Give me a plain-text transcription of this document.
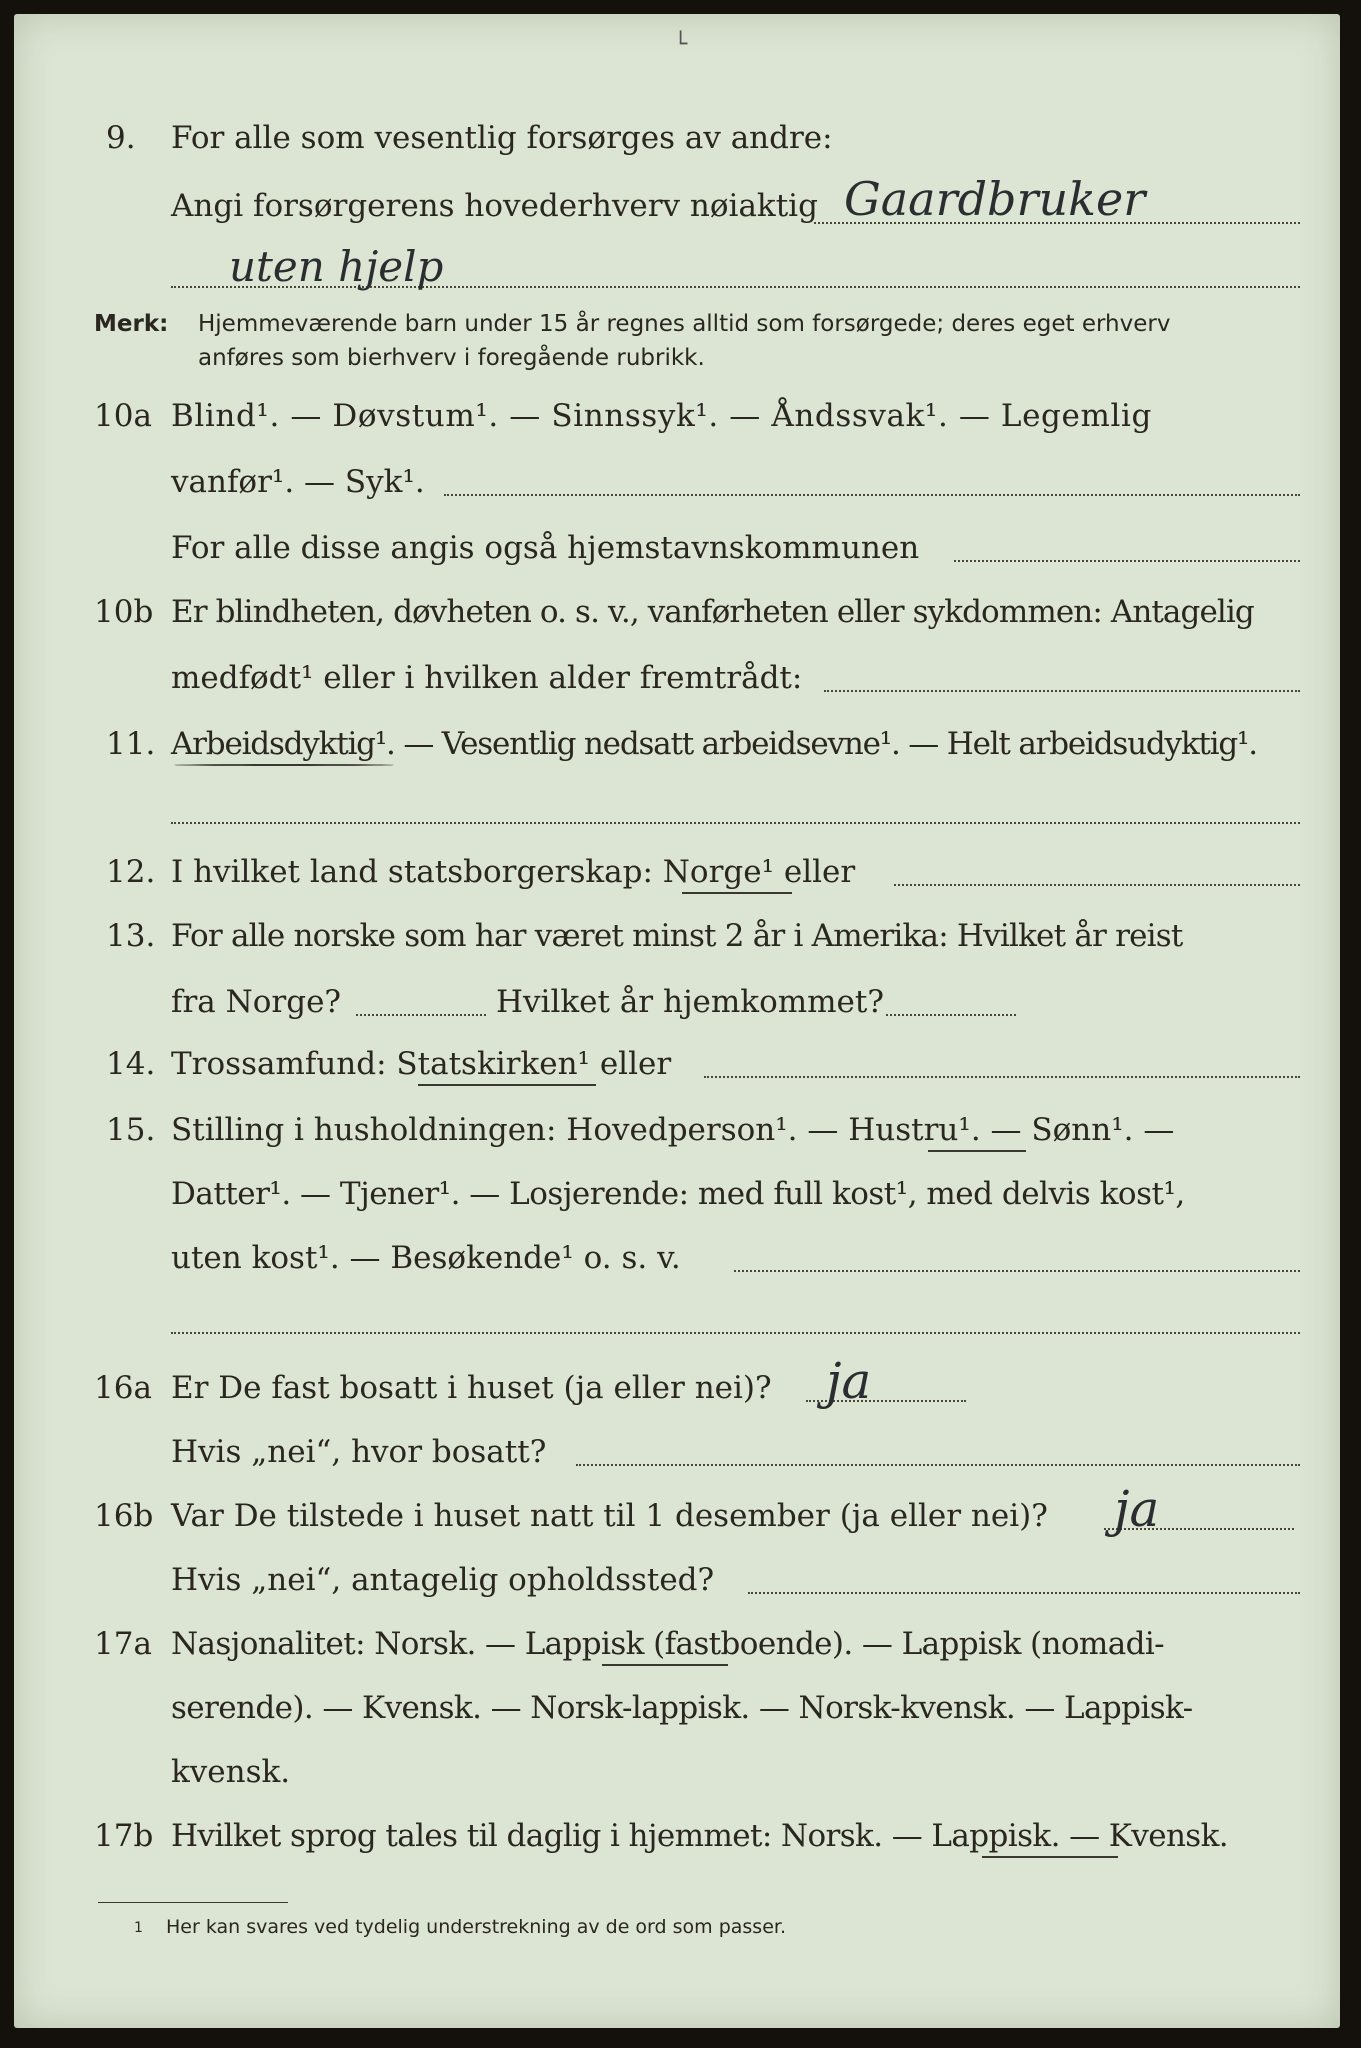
└
9. For alle som vesentlig forsørges av andre:
Angi forsørgerens hovederhverv nøiaktig Gaardbruker
uten hjelp
Merk: Hjemmeværende barn under 15 år regnes alltid som forsørgede; deres eget erhverv
anføres som bierhverv i foregående rubrikk.
10a Blind¹. — Døvstum¹. — Sinnssyk¹. — Åndssvak¹. — Legemlig
vanfør¹. — Syk¹.
For alle disse angis også hjemstavnskommunen
10b Er blindheten, døvheten o. s. v., vanførheten eller sykdommen: Antagelig
medfødt¹ eller i hvilken alder fremtrådt:
11. Arbeidsdyktig¹. — Vesentlig nedsatt arbeidsevne¹. — Helt arbeidsudyktig¹.
12. I hvilket land statsborgerskap: Norge¹ eller
13. For alle norske som har været minst 2 år i Amerika: Hvilket år reist
fra Norge?	Hvilket år hjemkommet?
14. Trossamfund: Statskirken¹ eller
15. Stilling i husholdningen: Hovedperson¹. — Hustru¹. — Sønn¹. —
Datter¹. — Tjener¹. — Losjerende: med full kost¹, med delvis kost¹,
uten kost¹. — Besøkende¹ o. s. v.
16a Er De fast bosatt i huset (ja eller nei)? ja
Hvis „nei“, hvor bosatt?
16b Var De tilstede i huset natt til 1 desember (ja eller nei)? ja
Hvis „nei“, antagelig opholdssted?
17a Nasjonalitet: Norsk. — Lappisk (fastboende). — Lappisk (nomadi-
serende). — Kvensk. — Norsk-lappisk. — Norsk-kvensk. — Lappisk-
kvensk.
17b Hvilket sprog tales til daglig i hjemmet: Norsk. — Lappisk. — Kvensk.
1 Her kan svares ved tydelig understrekning av de ord som passer.
